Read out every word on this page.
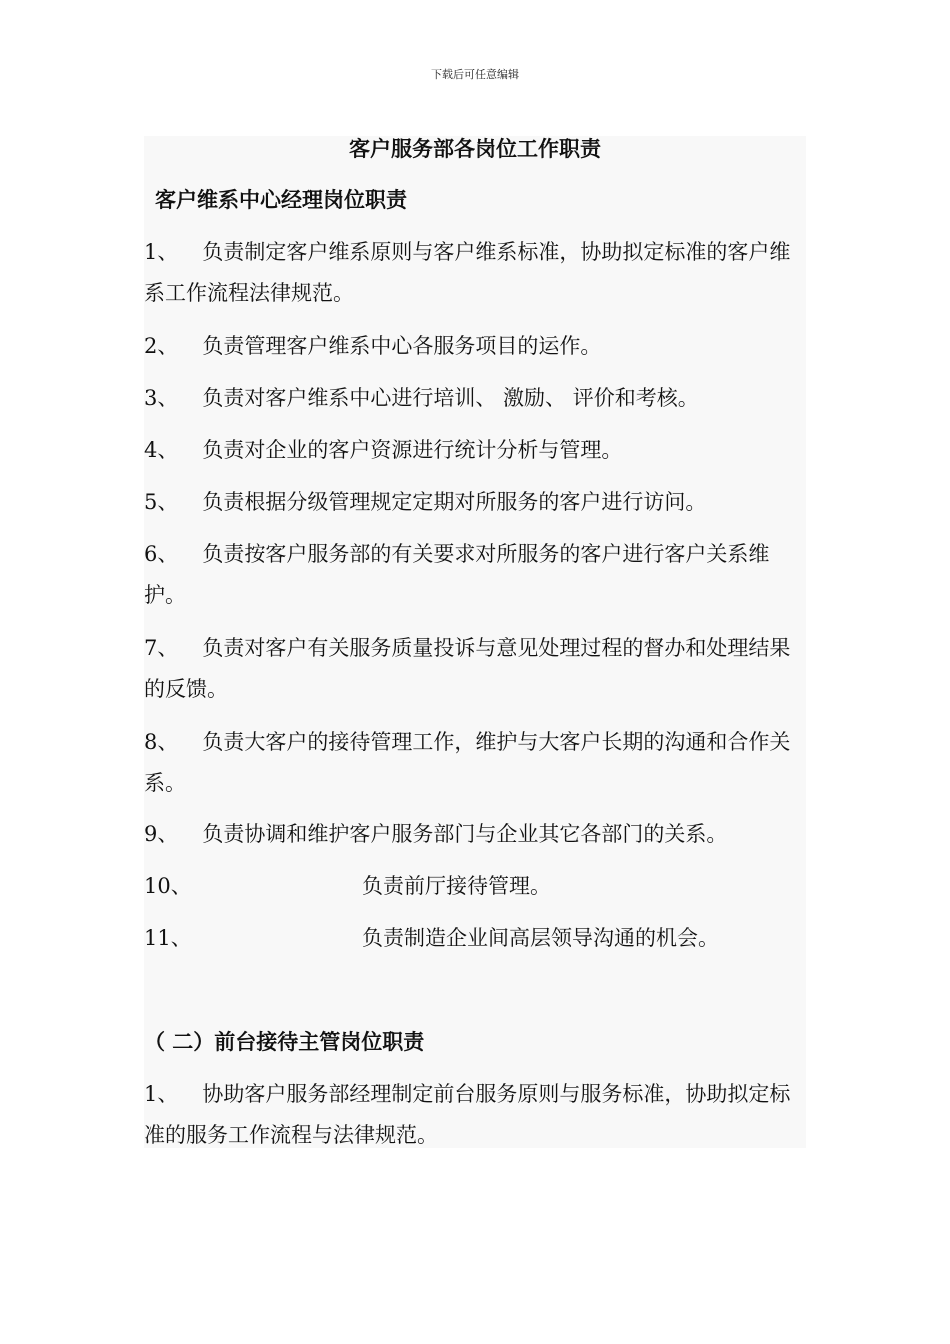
下载后可任意编辑
客户服务部各岗位工作职责
客户维系中心经理岗位职责
1、 负责制定客户维系原则与客户维系标准，协助拟定标准的客户维系工作流程法律规范。
2、 负责管理客户维系中心各服务项目的运作。
3、 负责对客户维系中心进行培训、 激励、 评价和考核。
4、 负责对企业的客户资源进行统计分析与管理。
5、 负责根据分级管理规定定期对所服务的客户进行访问。
6、 负责按客户服务部的有关要求对所服务的客户进行客户关系维护。
7、 负责对客户有关服务质量投诉与意见处理过程的督办和处理结果的反馈。
8、 负责大客户的接待管理工作，维护与大客户长期的沟通和合作关系。
9、 负责协调和维护客户服务部门与企业其它各部门的关系。
10、	负责前厅接待管理。
11、	负责制造企业间高层领导沟通的机会。
（ 二）前台接待主管岗位职责
1、 协助客户服务部经理制定前台服务原则与服务标准，协助拟定标准的服务工作流程与法律规范。
